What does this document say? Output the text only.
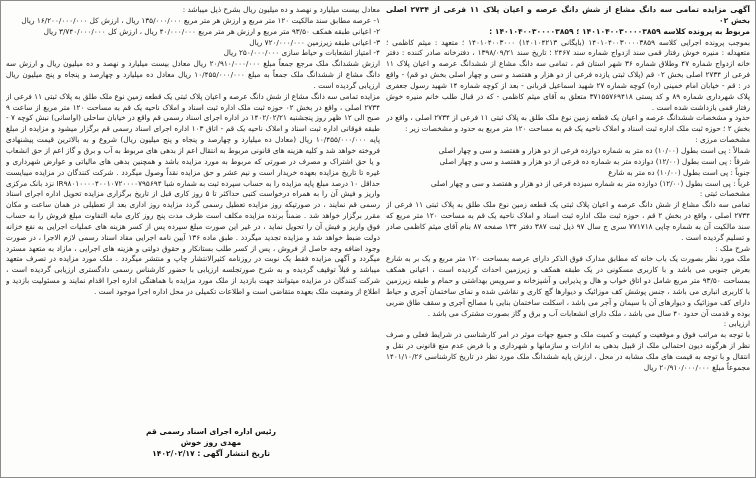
آگهی مزایده تمامی سه دانگ مشاع از شش دانگ عرصه و اعیان پلاک ۱۱ فرعی از ۲۷۳۴ اصلی بخش ۰۲

مربوط به پرونده کلاسه ۱۴۰۱۰۴۰۰۳۰۰۰۰۳۸۵۹ ؛ ۱۴۰۱۰۴۰۰۳۰۰۰۰۳۸۵۹ :

بموجب پرونده اجرایی کلاسه ۱۴۰۱۰۴۰۰۳۰۰۰۰۳۸۵۹ (بایگانی ۱۴۰۱۰۴۲۱۳) ۱۴۰۱۰۴۰۰۳۰۰۰ ؛ متعهد : میثم کاظمی ؛ متعهدله : منیره خوش رفتار قمی سند ازدواج شماره سند ۲۴۶۷ ؛ تاریخ سند ۱۳۹۸/۰۹/۲۱ ، دفترخانه صادر کننده : دفتر خانه ازدواج شماره ۴۷ وطلاق شماره ۳۶ شهر استان قم ، تمامی سه دانگ مشاع از ششدانگ عرصه و اعیان پلاک ۱۱ فرعی از ۲۷۳۴ اصلی بخش ۰۲ قم (پلاک ثبتی یازده فرعی از دو هزار و هفتصد و سی و چهار اصلی بخش دو قم) - واقع در : قم - خیابان امام خمینی (ره) کوچه شماره ۲۷ شهید اسماعیل قربانی - بعد از کوچه شماره ۱۴ شهید رسول جعفری پلاک شهرداری شماره ۸۹ و کد پستی ۳۷۱۵۵۷۶۹۴۱۸ متعلق به آقای میثم کاظمی - که در قبال طلب خانم منیره خوش رفتار قمی بازداشت شده است .

حدود و مشخصات ششدانگ عرصه و اعیان یک قطعه زمین نوع ملک طلق به پلاک ثبتی ۱۱ فرعی از ۲۷۳۴ اصلی ، واقع در بخش ۲ ؛ حوزه ثبت ملک اداره ثبت اسناد و املاک ناحیه یک قم به مساحت ۱۲۰ متر مربع به حدود و مشخصات زیر :

مشخصات مرزی :

شمالاً : پی است بطول (۱۰/۰۰) ده متر به شماره دوازده فرعی از دو هزار و هفتصد و سی و چهار اصلی

شرقاً : پی است بطول (۱۲/۰۰) دوازده متر به شماره ده فرعی از دو هزار و هفتصد و سی و چهار اصلی

جنوباً : پی است بطول (۱۰/۰۰) ده متر به شارع

غرباً : پی است بطول (۱۲/۰۰) دوازده متر به شماره سیزده فرعی از دو هزار و هفتصد و سی و چهار اصلی

مشخصات ثبتی :

تمامی سه دانگ مشاع از شش دانگ عرصه و اعیان پلاک ثبتی یک قطعه زمین نوع ملک طلق به پلاک ثبتی ۱۱ فرعی از ۲۷۳۴ اصلی ، واقع در بخش ۲ قم ، حوزه ثبت ملک اداره ثبت اسناد و املاک ناحیه یک قم به مساحت ۱۲۰ متر مربع که سند مالکیت آن به شماره چاپی ۷۷۱۷۱۸ سری ج سال ۹۷ ذیل ثبت ۳۸۷ دفتر ۱۳۴ صفحه ۸۷ بنام آقای میثم کاظمی صادر و تسلیم گردیده است .

شرح ملک :

ملک مورد نظر بصورت یک باب خانه که مطابق مدارک فوق الذکر دارای عرصه بمساحت ۱۲۰ متر مربع و یک بر به شارع بعرض جنوبی می باشد و با کاربری مسکونی در یک طبقه همکف و زیرزمین احداث گردیده است ، اعیانی همکف بمساحت ۹۳/۵۰ متر مربع شامل دو اتاق خواب و هال و پذیرایی و آشپزخانه و سرویس بهداشتی و حمام و طبقه زیرزمین با کاربری انباری می باشد ، جنس پوشش کف موزائیک و دیوارها گچ کاری و نقاشی شده و نمای ساختمان آجری و حیاط دارای کف موزائیک و دیوارهای آن با سیمان و آجر می باشد ، اسکلت ساختمان بنایی با مصالح آجری و سقف طاق ضربی بوده و قدمت آن حدود ۴۰ سال می باشد ، ملک دارای انشعابات آب و برق و گاز بصورت مشترک می باشد .

ارزیابی :

با توجه به مراتب فوق و موقعیت و کیفیت و کمیت ملک و جمیع جهات موثر در امر کارشناسی در شرایط فعلی و صرف نظر از هرگونه دیون احتمالی ملک از قبیل بدهی به ادارات و سازمانها و شهرداری و با فرض عدم منع قانونی در نقل و انتقال و با توجه به قیمت های ملک مشابه در محل ، ارزش پایه ششدانگ ملک مورد نظر در تاریخ کارشناسی ۱۴۰۱/۱۰/۲۶ مجموعاً مبلغ ۲۰/۹۱۰/۰۰۰/۰۰۰ ریال

معادل بیست میلیارد و نهصد و ده میلیون ریال بشرح ذیل میباشد :

۱- عرصه مطابق سند مالکیت ۱۲۰ متر مربع و ارزش هر متر مربع ۱۳۵/۰۰۰/۰۰۰ ریال ، ارزش کل ۱۶/۲۰۰/۰۰۰/۰۰۰ ریال

۲- اعیانی طبقه همکف ۹۳/۵۰ متر مربع و ارزش هر متر مربع ۴۰/۰۰۰/۰۰۰ ریال ، ارزش کل ۳/۷۴۰/۰۰۰/۰۰۰ ریال

۳- اعیانی طبقه زیرزمین ۷۲۰/۰۰۰/۰۰۰ ریال

۴- امتیاز انشعابات و حیاط سازی ۲۵۰/۰۰۰/۰۰۰ ریال

ارزش ششدانگ ملک مرجع جمعاً مبلغ ۲۰/۹۱۰/۰۰۰/۰۰۰ ریال معادل بیست میلیارد و نهصد و ده میلیون ریال و ارزش سه دانگ مشاع از ششدانگ ملک جمعاً به مبلغ ۱۰/۴۵۵/۰۰۰/۰۰۰ ریال معادل ده میلیارد و چهارصد و پنجاه و پنج میلیون ریال ارزیابی گردیده است .

مزایده تمامی سه دانگ مشاع از شش دانگ عرصه و اعیان پلاک ثبتی یک قطعه زمین نوع ملک طلق به پلاک ثبتی ۱۱ فرعی از ۲۷۳۴ اصلی ، واقع در بخش ۰۲ حوزه ثبت ملک اداره ثبت اسناد و املاک ناحیه یک قم به مساحت ۱۲۰ متر مربع از ساعت ۹ صبح الی ۱۲ ظهر روز پنجشنبه ۱۴۰۲/۰۲/۲۱ در اداره اجرای اسناد رسمی قم واقع در خیابان ساحلی (اواسانی) نبش کوچه ۷ - طبقه فوقانی اداره ثبت اسناد و املاک ناحیه یک قم - اتاق ۱۰۳ اداره اجرای اسناد رسمی قم برگزار میشود و مزایده از مبلغ پایه ۱۰/۴۵۵/۰۰۰/۰۰۰ ریال (معادل ده میلیارد و چهارصد و پنجاه و پنج میلیون ریال) شروع و به بالاترین قیمت پیشنهادی فروخته خواهد شد و کلیه هزینه های قانونی مربوط به انتقال اعم از بدهی های مربوط به آب و برق و گاز اعم از حق انشعاب و یا حق اشتراک و مصرف در صورتی که مربوط به مورد مزایده باشد و همچنین بدهی های مالیاتی و عوارض شهرداری و غیره تا تاریخ مزایده بعهده خریدار است و نیم عشر و حق مزایده نقداً وصول میگردد . شرکت کنندگان در مزایده میبایست حداقل ۱۰ درصد مبلغ پایه مزایده را به حساب سپرده ثبت به شماره شبا IR۹۸۰۱۰۰۰۰۴۰۰۱۰۷۲۰۰۰۰۷۹۵۶۹۴ نزد بانک مرکزی واریز و فیش آن را به همراه درخواست کتبی حداکثر تا ۵ روز کاری قبل از تاریخ برگزاری مزایده تحویل اداره اجرای اسناد رسمی قم نمایند ، در صورتیکه روز مزایده تعطیل رسمی گردد مزایده روز اداری بعد از تعطیلی در همان ساعت و مکان مقرر برگزار خواهد شد . ضمناً برنده مزایده مکلف است ظرف مدت پنج روز کاری مابه التفاوت مبلغ فروش را به حساب فوق واریز و فیش آن را تحویل نماید ، در غیر این صورت مبلغ سپرده پس از کسر هزینه های عملیات اجرایی به نفع خزانه دولت ضبط خواهد شد و مزایده تجدید میگردد . طبق ماده ۱۳۶ آیین نامه اجرایی مفاد اسناد رسمی لازم الاجرا ، در صورت وجود اضافه وجه حاصل از فروش ، پس از کسر طلب بستانکار و حقوق دولتی و هزینه های اجرایی ، مازاد به متعهد مسترد میگردد و آگهی مزایده فقط یک نوبت در روزنامه کثیرالانتشار چاپ و منتشر میگردد . ملک مورد مزایده در تصرف متعهد میباشد و قبلاً توقیف گردیده و به شرح صورتجلسه ارزیابی با حضور کارشناس رسمی دادگستری ارزیابی گردیده است ، شرکت کنندگان در مزایده میتوانند جهت بازدید از ملک مورد مزایده با هماهنگی اداره اجرا اقدام نمایند و مسئولیت بازدید و اطلاع از وضعیت ملک بعهده متقاضی است و اطلاعات تکمیلی در محل اداره اجرا موجود است .

رئیس اداره اجرای اسناد رسمی قم
مهدی روز خوش
تاریخ انتشار آگهی : ۱۴۰۲/۰۲/۱۷
